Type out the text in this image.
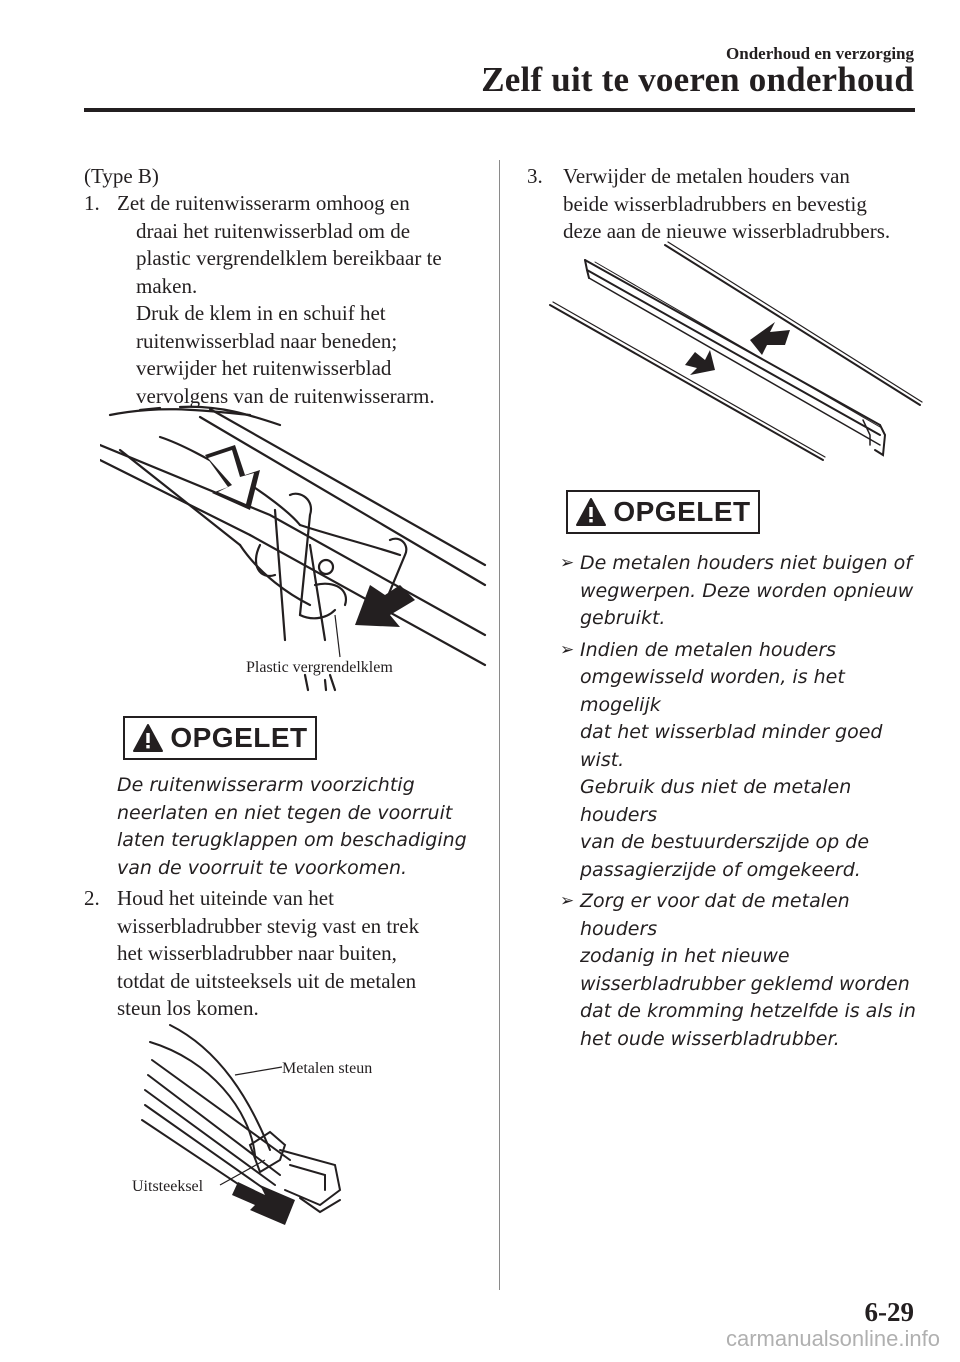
Onderhoud en verzorging
Zelf uit te voeren onderhoud
(Type B)
1. Zet de ruitenwisserarm omhoog en
draai het ruitenwisserblad om de
plastic vergrendelklem bereikbaar te
maken.
Druk de klem in en schuif het
ruitenwisserblad naar beneden;
verwijder het ruitenwisserblad
vervolgens van de ruitenwisserarm.
Plastic vergrendelklem
OPGELET
De ruitenwisserarm voorzichtig
neerlaten en niet tegen de voorruit
laten terugklappen om beschadiging
van de voorruit te voorkomen.
2. Houd het uiteinde van het
wisserbladrubber stevig vast en trek
het wisserbladrubber naar buiten,
totdat de uitsteeksels uit de metalen
steun los komen.
Metalen steun
Uitsteeksel
3. Verwijder de metalen houders van
beide wisserbladrubbers en bevestig
deze aan de nieuwe wisserbladrubbers.
OPGELET
➢ De metalen houders niet buigen of
wegwerpen. Deze worden opnieuw
gebruikt.
➢ Indien de metalen houders
omgewisseld worden, is het mogelijk
dat het wisserblad minder goed wist.
Gebruik dus niet de metalen houders
van de bestuurderszijde op de
passagierzijde of omgekeerd.
➢ Zorg er voor dat de metalen houders
zodanig in het nieuwe
wisserbladrubber geklemd worden
dat de kromming hetzelfde is als in
het oude wisserbladrubber.
6-29
carmanualsonline.info
